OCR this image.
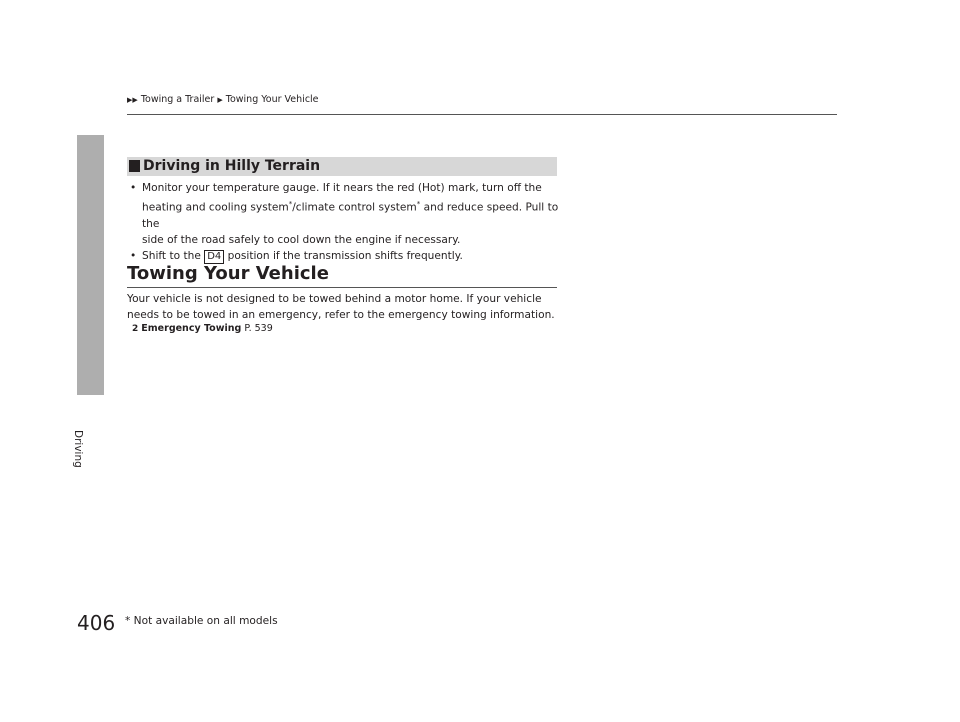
▶▶ Towing a Trailer ▶ Towing Your Vehicle
Driving
Driving in Hilly Terrain
• Monitor your temperature gauge. If it nears the red (Hot) mark, turn off the
heating and cooling system*/climate control system* and reduce speed. Pull to the
side of the road safely to cool down the engine if necessary.
• Shift to the D4 position if the transmission shifts frequently.
Towing Your Vehicle
Your vehicle is not designed to be towed behind a motor home. If your vehicle needs to be towed in an emergency, refer to the emergency towing information.
2 Emergency Towing P. 539
406 * Not available on all models
